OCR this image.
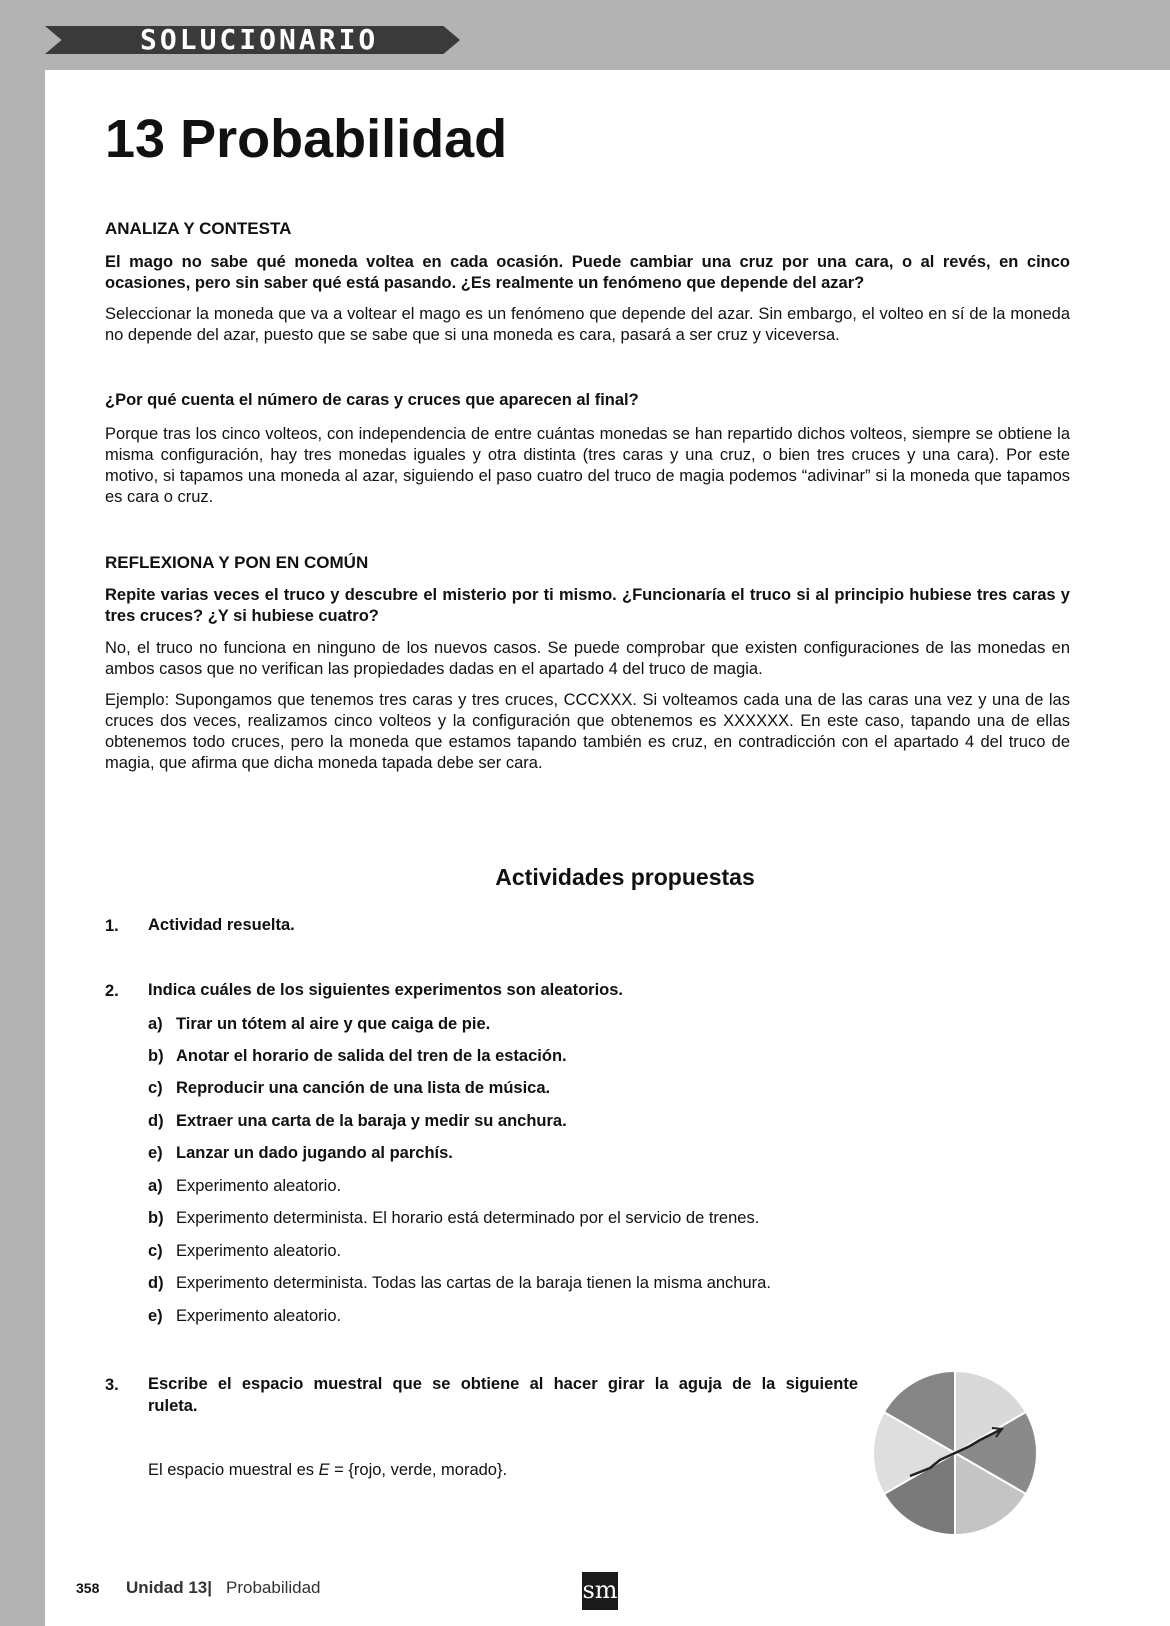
SOLUCIONARIO
13 Probabilidad

ANALIZA Y CONTESTA

El mago no sabe qué moneda voltea en cada ocasión. Puede cambiar una cruz por una cara, o al revés, en cinco ocasiones, pero sin saber qué está pasando. ¿Es realmente un fenómeno que depende del azar?

Seleccionar la moneda que va a voltear el mago es un fenómeno que depende del azar. Sin embargo, el volteo en sí de la moneda no depende del azar, puesto que se sabe que si una moneda es cara, pasará a ser cruz y viceversa.

¿Por qué cuenta el número de caras y cruces que aparecen al final?

Porque tras los cinco volteos, con independencia de entre cuántas monedas se han repartido dichos volteos, siempre se obtiene la misma configuración, hay tres monedas iguales y otra distinta (tres caras y una cruz, o bien tres cruces y una cara). Por este motivo, si tapamos una moneda al azar, siguiendo el paso cuatro del truco de magia podemos “adivinar” si la moneda que tapamos es cara o cruz.

REFLEXIONA Y PON EN COMÚN

Repite varias veces el truco y descubre el misterio por ti mismo. ¿Funcionaría el truco si al principio hubiese tres caras y tres cruces? ¿Y si hubiese cuatro?

No, el truco no funciona en ninguno de los nuevos casos. Se puede comprobar que existen configuraciones de las monedas en ambos casos que no verifican las propiedades dadas en el apartado 4 del truco de magia.

Ejemplo: Supongamos que tenemos tres caras y tres cruces, CCCXXX. Si volteamos cada una de las caras una vez y una de las cruces dos veces, realizamos cinco volteos y la configuración que obtenemos es XXXXXX. En este caso, tapando una de ellas obtenemos todo cruces, pero la moneda que estamos tapando también es cruz, en contradicción con el apartado 4 del truco de magia, que afirma que dicha moneda tapada debe ser cara.

Actividades propuestas
1. Actividad resuelta.
2. Indica cuáles de los siguientes experimentos son aleatorios.
a) Tirar un tótem al aire y que caiga de pie.
b) Anotar el horario de salida del tren de la estación.
c) Reproducir una canción de una lista de música.
d) Extraer una carta de la baraja y medir su anchura.
e) Lanzar un dado jugando al parchís.
a) Experimento aleatorio.
b) Experimento determinista. El horario está determinado por el servicio de trenes.
c) Experimento aleatorio.
d) Experimento determinista. Todas las cartas de la baraja tienen la misma anchura.
e) Experimento aleatorio.
3. Escribe el espacio muestral que se obtiene al hacer girar la aguja de la siguiente
ruleta.
El espacio muestral es E = {rojo, verde, morado}.
358 Unidad 13| Probabilidad	sm
